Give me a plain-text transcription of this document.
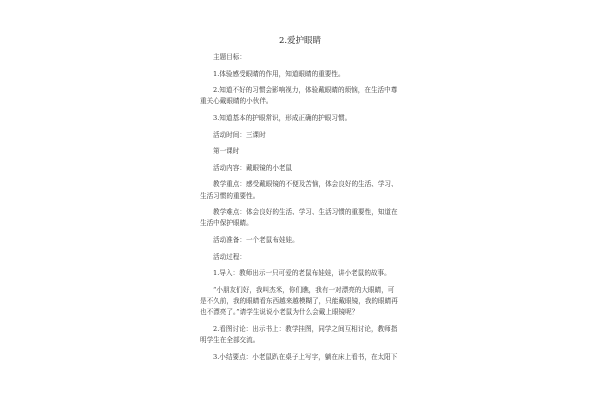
2.爱护眼睛

主题目标：

1.体验感受眼睛的作用，知道眼睛的重要性。

2.知道不好的习惯会影响视力，体验戴眼睛的烦恼，在生活中尊重关心戴眼睛的小伙伴。

3.知道基本的护眼常识，形成正确的护眼习惯。

活动时间：三课时

第一课时

活动内容：戴眼镜的小老鼠

教学重点：感受戴眼镜的不便及苦恼，体会良好的生活、学习、生活习惯的重要性。

教学难点：体会良好的生活、学习、生活习惯的重要性，知道在生活中保护眼睛。

活动准备：一个老鼠布娃娃。

活动过程：

1.导入：教师出示一只可爱的老鼠布娃娃，讲小老鼠的故事。

“小朋友们好，我叫杰米，你们瞧，我有一对漂亮的大眼睛，可是不久前，我的眼睛看东西越来越模糊了，只能戴眼镜，我的眼睛再也不漂亮了。”请学生说说小老鼠为什么会戴上眼镜呢？

2.看图讨论：出示书上：教学挂图，同学之间互相讨论，教师指明学生在全部交流。

3.小结要点：小老鼠趴在桌子上写字，躺在床上看书，在太阳下
